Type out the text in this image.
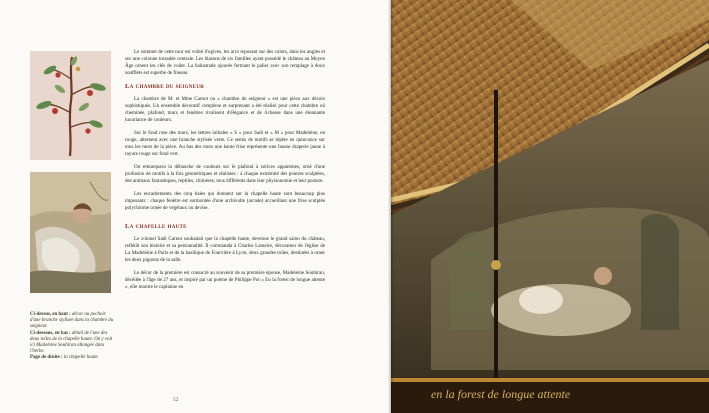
Ci-dessus, en haut : décor au pochoir d'une branche stylisée dans la chambre du seigneur.
Ci-dessous, en bas : détail de l'une des deux toiles de la chapelle haute. On y voit ici Madeleine Soubiran allongée dans l'herbe.
Page de droite : la chapelle haute.

Le sommet de cette tour est voûté d'ogives, les arcs reposant sur des culots, dans les angles et sur une colonne torsadée centrale. Les blasons de six familles ayant possédé le château au Moyen Âge ornent les clés de voûte. La balustrade ajourée fermant le palier avec son remplage à doux soufflets est superbe de finesse.

La chambre du seigneur

La chambre de M. et Mme Carnot ou « chambre du seigneur » est une pièce aux décors sophistiqués. Un ensemble décoratif complexe et surprenant a été réalisé pour cette chambre où cheminée, plafond, murs et fenêtres rivalisent d'élégance et de richesse dans une étonnante luxuriance de couleurs.

Sur le fond rose des murs, les lettres initiales « S » pour Sadi et « M » pour Madeleine, en rouge, alternent avec une branche stylisée verte. Ce semis de motifs se répète en quinconce sur tous les murs de la pièce. Au bas des murs une haute frise représente une fausse draperie jaune à rayure rouge sur fond vert.

On remarquera la débauche de couleurs sur le plafond à solives apparentes, orné d'une profusion de motifs à la fois géométriques et réalistes : à chaque extrémité des poutres sculptées, des animaux fantastiques, reptiles, chimères, tous différents dans leur physionomie et leur posture.

Les encadrements des cinq baies qui donnent sur la chapelle haute sont beaucoup plus imposants : chaque fenêtre est surmontée d'une archivolte (arcade) accueillant une frise sculptée polychrome ornée de végétaux ou devise.

La chapelle haute

Le colonel Sadi Carnot souhaitait que la chapelle haute, devenue le grand salon du château, reflétât son histoire et sa personnalité. Il commanda à Charles Lameire, décorateur de l'église de La Madeleine à Paris et de la basilique de Fourvière à Lyon, deux grandes toiles, destinées à orner les deux pignons de la salle.

Le décor de la première est consacré au souvenir de sa première épouse, Madeleine Soubiran, décédée à l'âge de 27 ans, et inspiré par un poème de Philippe Pot « En la forest de longue attente », elle montre le capitaine en

52	en la forest de longue attente
